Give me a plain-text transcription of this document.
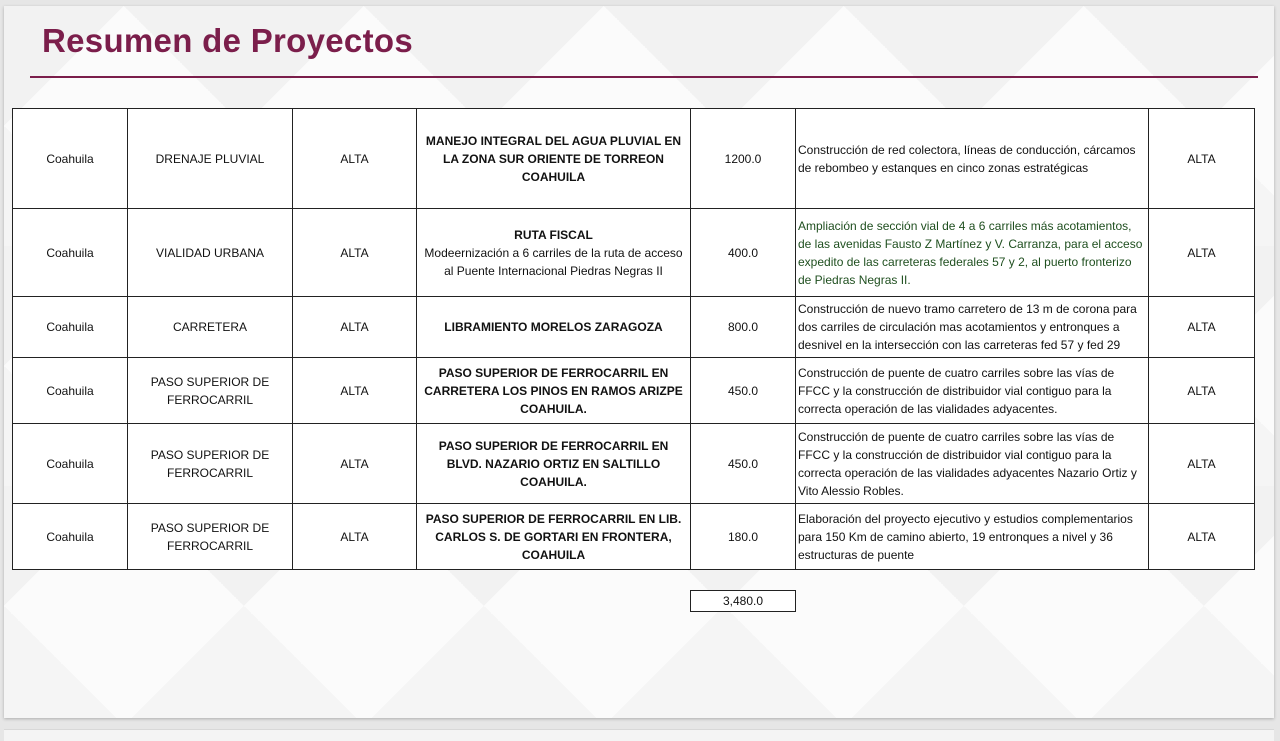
Resumen de Proyectos
Coahuila	DRENAJE PLUVIAL	ALTA	MANEJO INTEGRAL DEL AGUA PLUVIAL EN LA ZONA SUR ORIENTE DE TORREON COAHUILA	1200.0	Construcción de red colectora, líneas de conducción, cárcamos de rebombeo y estanques en cinco zonas estratégicas	ALTA
Coahuila	VIALIDAD URBANA	ALTA	RUTA FISCAL
Modeernización a 6 carriles de la ruta de acceso al Puente Internacional Piedras Negras II	400.0	Ampliación de sección vial de 4 a 6 carriles más acotamientos, de las avenidas Fausto Z Martínez y V. Carranza, para el acceso expedito de las carreteras federales 57 y 2, al puerto fronterizo de Piedras Negras II.	ALTA
Coahuila	CARRETERA	ALTA	LIBRAMIENTO MORELOS ZARAGOZA	800.0	Construcción de nuevo tramo carretero de 13 m de corona para dos carriles de circulación mas acotamientos y entronques a desnivel en la intersección con las carreteras fed 57 y fed 29	ALTA
Coahuila	PASO SUPERIOR DE FERROCARRIL	ALTA	PASO SUPERIOR DE FERROCARRIL EN CARRETERA LOS PINOS EN RAMOS ARIZPE COAHUILA.	450.0	Construcción de puente de cuatro carriles sobre las vías de FFCC y la construcción de distribuidor vial contiguo para la correcta operación de las vialidades adyacentes.	ALTA
Coahuila	PASO SUPERIOR DE FERROCARRIL	ALTA	PASO SUPERIOR DE FERROCARRIL EN BLVD. NAZARIO ORTIZ EN SALTILLO COAHUILA.	450.0	Construcción de puente de cuatro carriles sobre las vías de FFCC y la construcción de distribuidor vial contiguo para la correcta operación de las vialidades adyacentes Nazario Ortiz y Vito Alessio Robles.	ALTA
Coahuila	PASO SUPERIOR DE FERROCARRIL	ALTA	PASO SUPERIOR DE FERROCARRIL EN LIB. CARLOS S. DE GORTARI EN FRONTERA, COAHUILA	180.0	Elaboración del proyecto ejecutivo y estudios complementarios para 150 Km de camino abierto, 19 entronques a nivel y 36 estructuras de puente	ALTA
3,480.0
